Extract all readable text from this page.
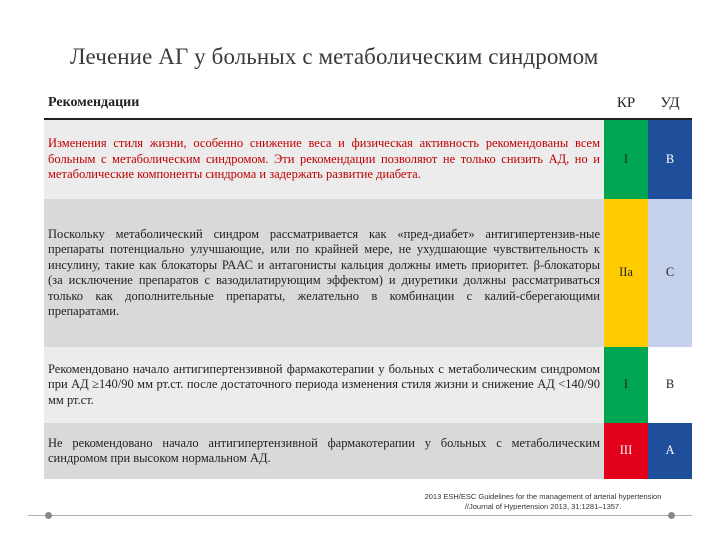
Лечение АГ у больных с метаболическим синдромом
Рекомендации	КР	УД
Изменения стиля жизни, особенно снижение веса и физическая активность рекомендованы всем больным с метаболическим синдромом. Эти рекомендации позволяют не только снизить АД, но и метаболические компоненты синдрома и задержать развитие диабета.	I	B
Поскольку метаболический синдром рассматривается как «пред-диабет» антигипертензив-ные препараты потенциально улучшающие, или по крайней мере, не ухудшающие чувствительность к инсулину, такие как блокаторы РААС и антагонисты кальция должны иметь приоритет. β-блокаторы (за исключение препаратов с вазодилатирующим эффектом) и диуретики должны рассматриваться только как дополнительные препараты, желательно в комбинации с калий-сберегающими препаратами.	IIa	C
Рекомендовано начало антигипертензивной фармакотерапии у больных с метаболическим синдромом при АД ≥140/90 мм рт.ст. после достаточного периода изменения стиля жизни и снижение АД <140/90 мм рт.ст.	I	B
Не рекомендовано начало антигипертензивной фармакотерапии у больных с метаболическим синдромом при высоком нормальном АД.	III	A
2013 ESH/ESC Guidelines for the management of arterial hypertension //Journal of Hypertension 2013, 31:1281–1357.
